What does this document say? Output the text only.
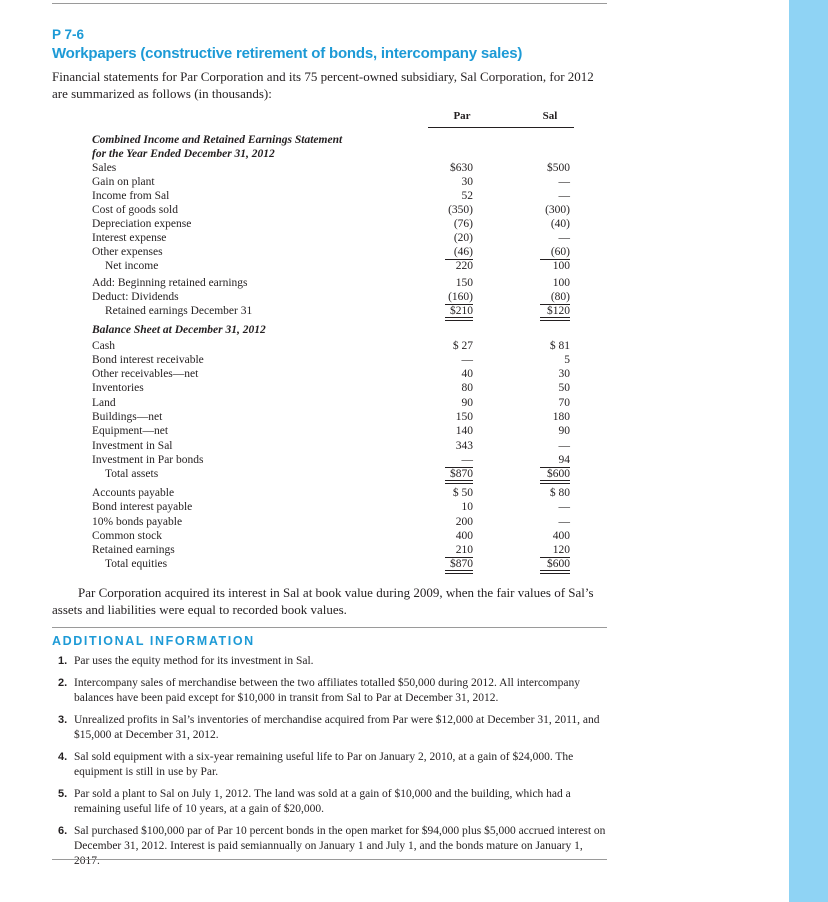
P 7-6
Workpapers (constructive retirement of bonds, intercompany sales)
Financial statements for Par Corporation and its 75 percent-owned subsidiary, Sal Corporation, for 2012 are summarized as follows (in thousands):
Par	Sal
Combined Income and Retained Earnings Statement
for the Year Ended December 31, 2012
Sales	$630	$500
Gain on plant	30	—
Income from Sal	52	—
Cost of goods sold	(350)	(300)
Depreciation expense	(76)	(40)
Interest expense	(20)	—
Other expenses	(46)	(60)
Net income	220	100
Add: Beginning retained earnings	150	100
Deduct: Dividends	(160)	(80)
Retained earnings December 31	$210	$120
Balance Sheet at December 31, 2012
Cash	$ 27	$ 81
Bond interest receivable	—	5
Other receivables—net	40	30
Inventories	80	50
Land	90	70
Buildings—net	150	180
Equipment—net	140	90
Investment in Sal	343	—
Investment in Par bonds	—	94
Total assets	$870	$600
Accounts payable	$ 50	$ 80
Bond interest payable	10	—
10% bonds payable	200	—
Common stock	400	400
Retained earnings	210	120
Total equities	$870	$600
Par Corporation acquired its interest in Sal at book value during 2009, when the fair values of Sal’s assets and liabilities were equal to recorded book values.
ADDITIONAL INFORMATION
1. Par uses the equity method for its investment in Sal.
2. Intercompany sales of merchandise between the two affiliates totalled $50,000 during 2012. All intercompany balances have been paid except for $10,000 in transit from Sal to Par at December 31, 2012.
3. Unrealized profits in Sal’s inventories of merchandise acquired from Par were $12,000 at December 31, 2011, and $15,000 at December 31, 2012.
4. Sal sold equipment with a six-year remaining useful life to Par on January 2, 2010, at a gain of $24,000. The equipment is still in use by Par.
5. Par sold a plant to Sal on July 1, 2012. The land was sold at a gain of $10,000 and the building, which had a remaining useful life of 10 years, at a gain of $20,000.
6. Sal purchased $100,000 par of Par 10 percent bonds in the open market for $94,000 plus $5,000 accrued interest on December 31, 2012. Interest is paid semiannually on January 1 and July 1, and the bonds mature on January 1, 2017.
